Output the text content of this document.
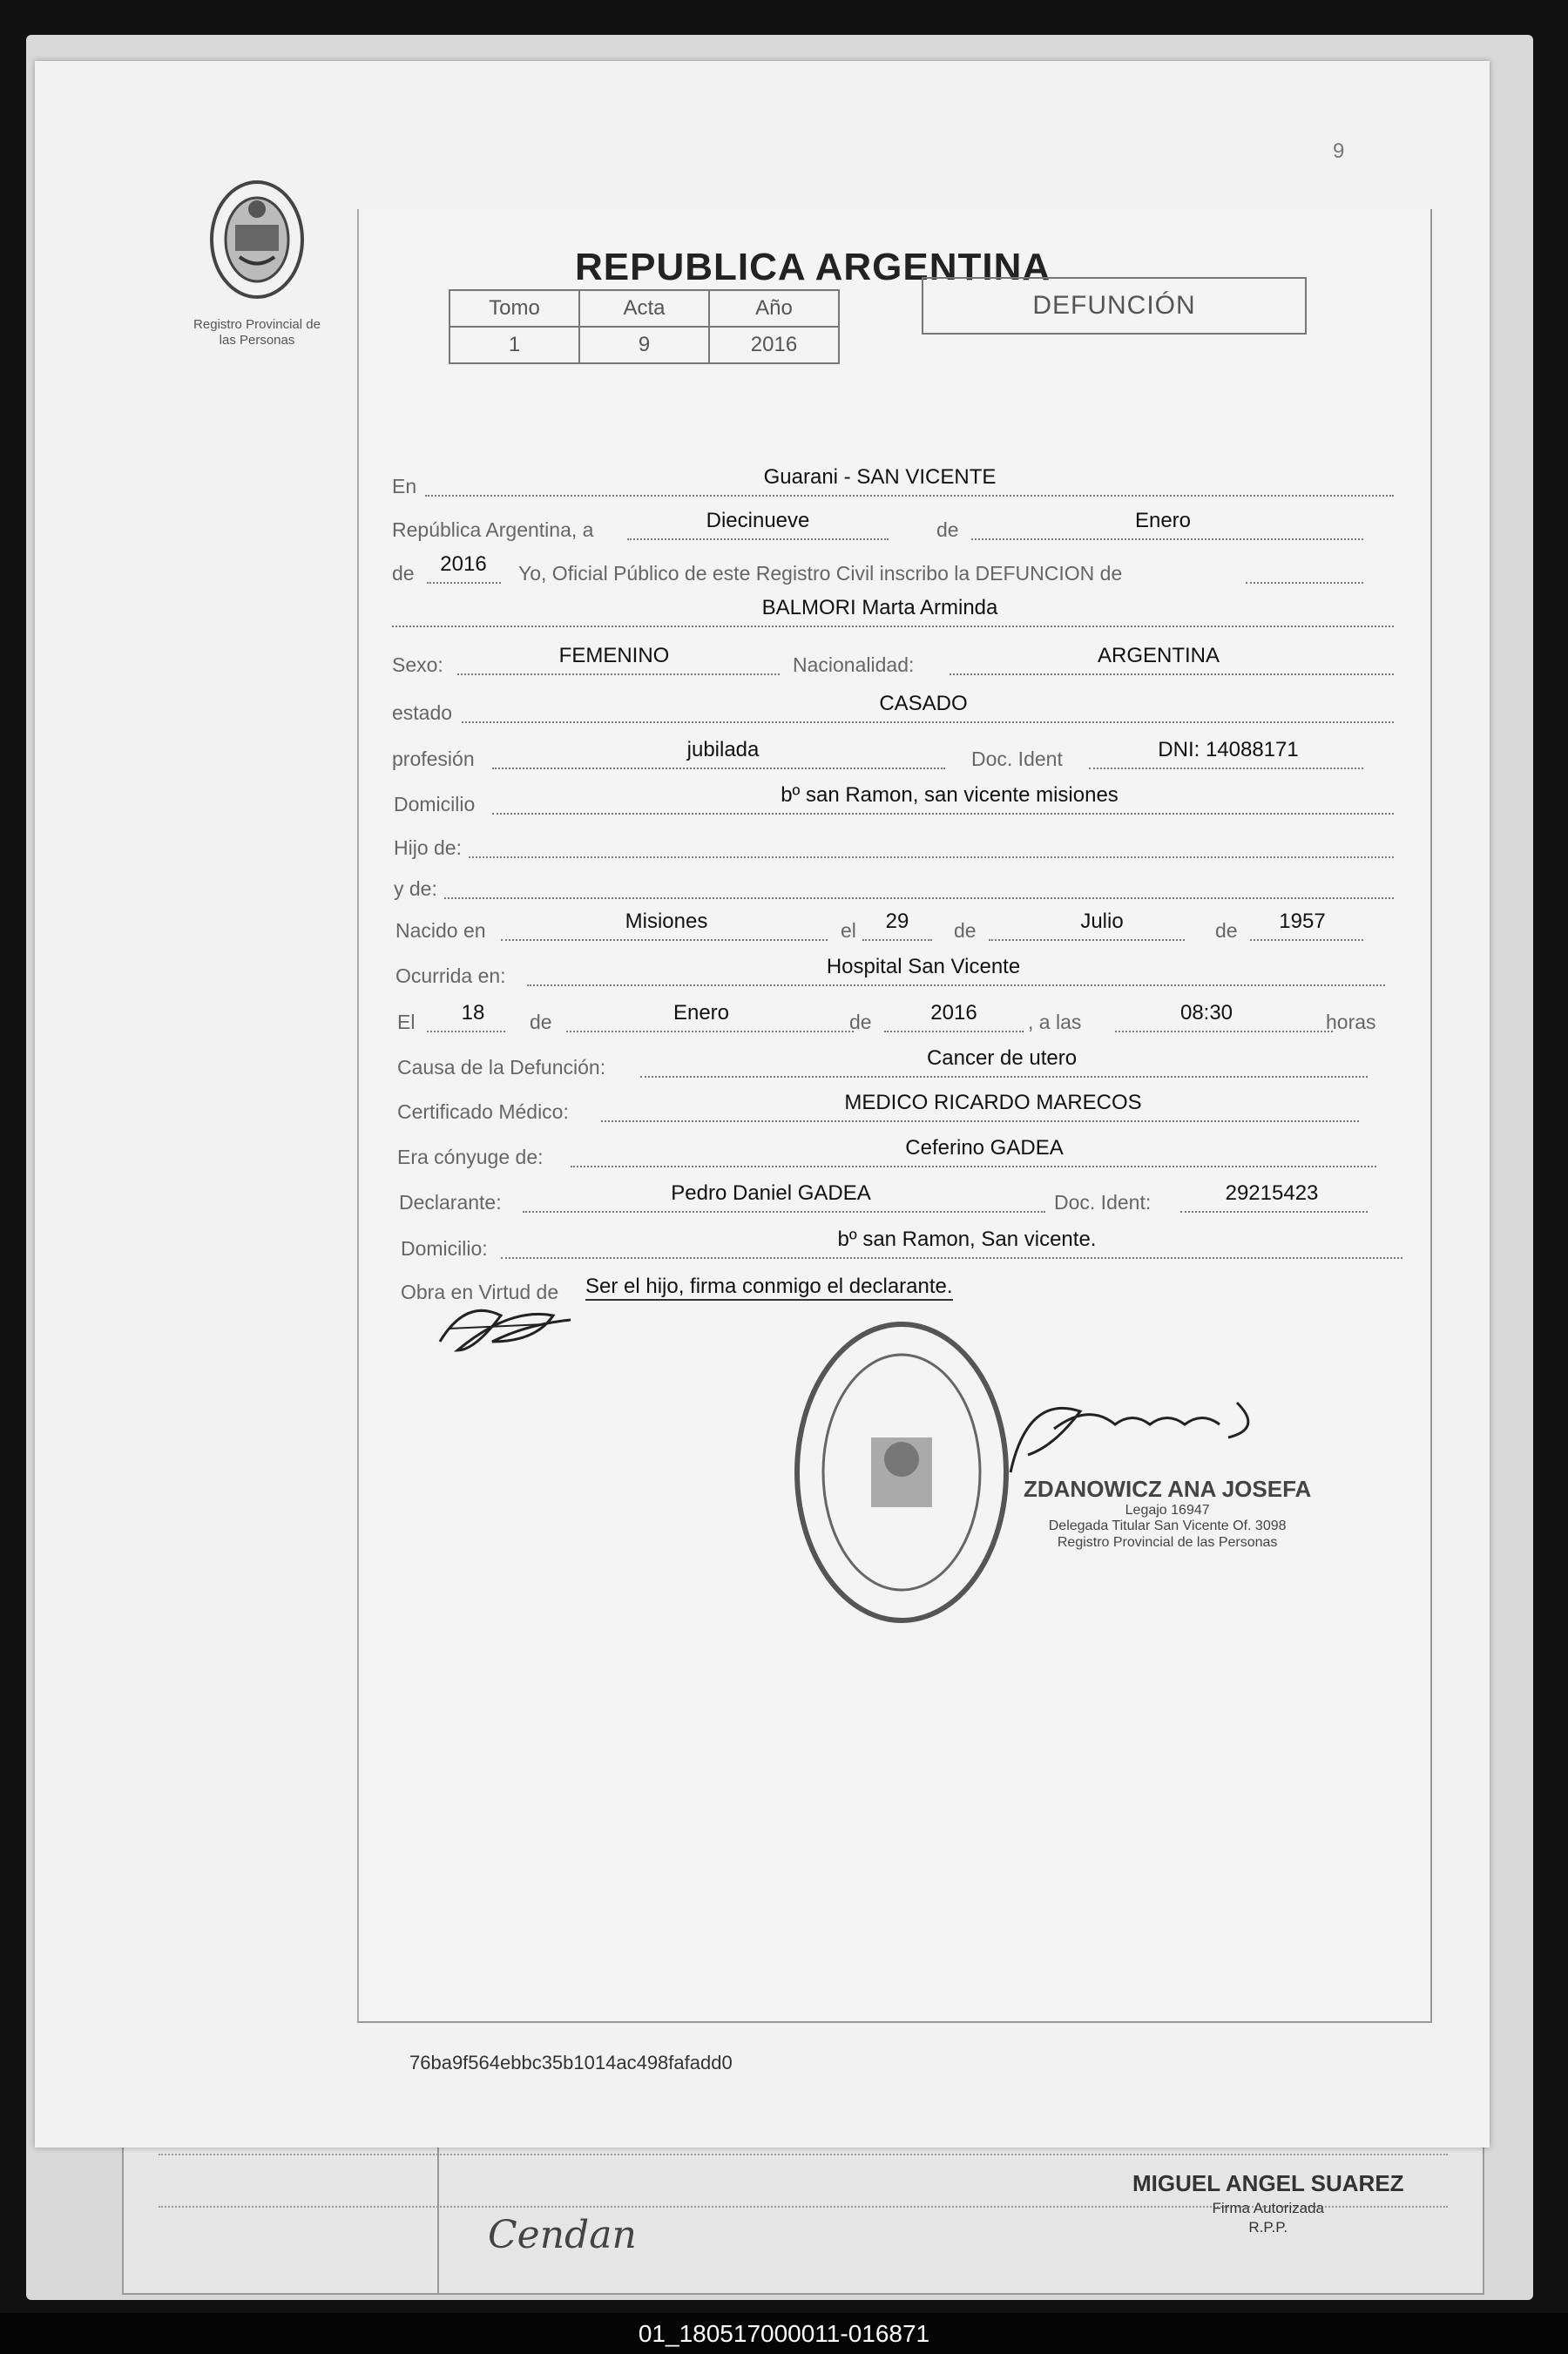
Cendan
MIGUEL ANGEL SUAREZ
Firma Autorizada
R.P.P.
9
Registro Provincial de
las Personas
REPUBLICA ARGENTINA
Tomo	Acta	Año
1	9	2016
DEFUNCIÓN
En	Guarani - SAN VICENTE
República Argentina, a	Diecinueve	de	Enero
de 2016 Yo, Oficial Público de este Registro Civil inscribo la DEFUNCION de
BALMORI Marta Arminda
Sexo:	FEMENINO	Nacionalidad:	ARGENTINA
estado	CASADO
profesión	jubilada	Doc. Ident	DNI: 14088171
Domicilio	bº san Ramon, san vicente misiones
Hijo de:
y de:
Nacido en	Misiones	el 29 de	Julio	de 1957
Ocurrida en:	Hospital San Vicente
El 18 de	Enero	de	2016	, a las	08:30	horas
Causa de la Defunción:	Cancer de utero
Certificado Médico:	MEDICO RICARDO MARECOS
Era cónyuge de:	Ceferino GADEA
Declarante:	Pedro Daniel GADEA	Doc. Ident:	29215423
Domicilio:	bº san Ramon, San vicente.
Obra en Virtud de Ser el hijo, firma conmigo el declarante.
ZDANOWICZ ANA JOSEFA
Legajo 16947
Delegada Titular San Vicente Of. 3098
Registro Provincial de las Personas
76ba9f564ebbc35b1014ac498fafadd0
01_180517000011-016871
